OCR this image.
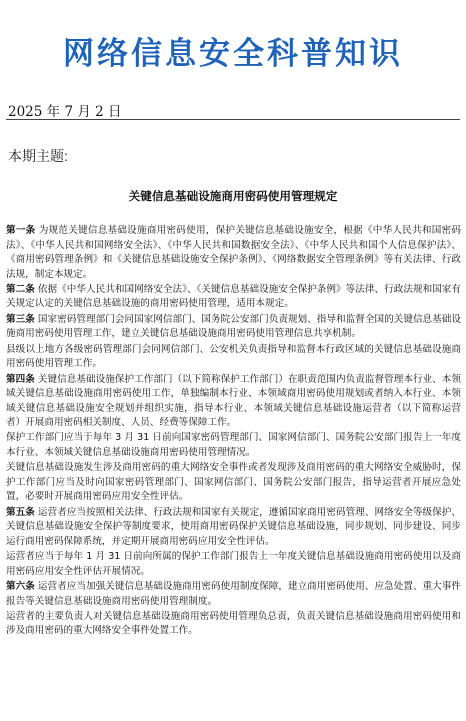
网络信息安全科普知识
2025 年 7 月 2 日
本期主题:
关键信息基础设施商用密码使用管理规定

第一条 为规范关键信息基础设施商用密码使用，保护关键信息基础设施安全，根据《中华人民共和国密码法》、《中华人民共和国网络安全法》、《中华人民共和国数据安全法》、《中华人民共和国个人信息保护法》、《商用密码管理条例》和《关键信息基础设施安全保护条例》、《网络数据安全管理条例》等有关法律、行政法规，制定本规定。

第二条 依据《中华人民共和国网络安全法》、《关键信息基础设施安全保护条例》等法律、行政法规和国家有关规定认定的关键信息基础设施的商用密码使用管理，适用本规定。

第三条 国家密码管理部门会同国家网信部门、国务院公安部门负责规划、指导和监督全国的关键信息基础设施商用密码使用管理工作，建立关键信息基础设施商用密码使用管理信息共享机制。

县级以上地方各级密码管理部门会同网信部门、公安机关负责指导和监督本行政区域的关键信息基础设施商用密码使用管理工作。

第四条 关键信息基础设施保护工作部门（以下简称保护工作部门）在职责范围内负责监督管理本行业、本领域关键信息基础设施商用密码使用工作，单独编制本行业、本领域商用密码使用规划或者纳入本行业、本领域关键信息基础设施安全规划并组织实施，指导本行业、本领域关键信息基础设施运营者（以下简称运营者）开展商用密码相关制度、人员、经费等保障工作。

保护工作部门应当于每年 3 月 31 日前向国家密码管理部门、国家网信部门、国务院公安部门报告上一年度本行业、本领域关键信息基础设施商用密码使用管理情况。

关键信息基础设施发生涉及商用密码的重大网络安全事件或者发现涉及商用密码的重大网络安全威胁时，保护工作部门应当及时向国家密码管理部门、国家网信部门、国务院公安部门报告，指导运营者开展应急处置，必要时开展商用密码应用安全性评估。

第五条 运营者应当按照相关法律、行政法规和国家有关规定，遵循国家商用密码管理、网络安全等级保护、关键信息基础设施安全保护等制度要求，使用商用密码保护关键信息基础设施，同步规划、同步建设、同步运行商用密码保障系统，并定期开展商用密码应用安全性评估。

运营者应当于每年 1 月 31 日前向所属的保护工作部门报告上一年度关键信息基础设施商用密码使用以及商用密码应用安全性评估开展情况。

第六条 运营者应当加强关键信息基础设施商用密码使用制度保障，建立商用密码使用、应急处置、重大事件报告等关键信息基础设施商用密码使用管理制度。

运营者的主要负责人对关键信息基础设施商用密码使用管理负总责，负责关键信息基础设施商用密码使用和涉及商用密码的重大网络安全事件处置工作。
